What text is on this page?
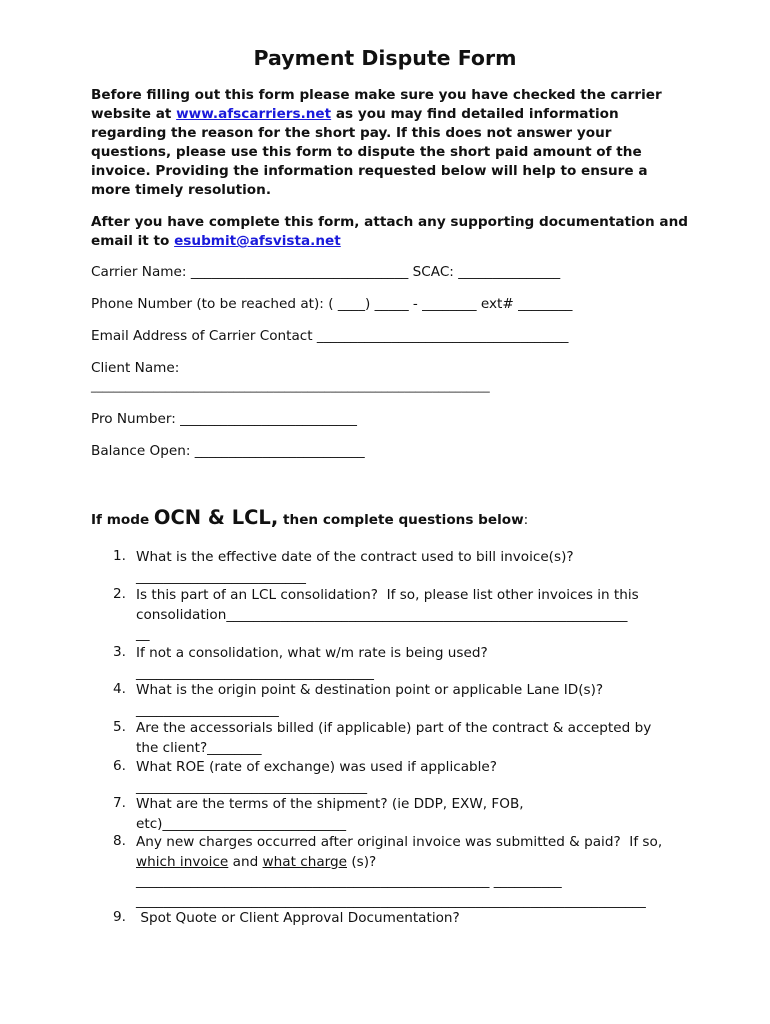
Payment Dispute Form
Before filling out this form please make sure you have checked the carrier website at www.afscarriers.net as you may find detailed information regarding the reason for the short pay. If this does not answer your questions, please use this form to dispute the short paid amount of the invoice. Providing the information requested below will help to ensure a more timely resolution.
After you have complete this form, attach any supporting documentation and email it to esubmit@afsvista.net
Carrier Name: ________________________________ SCAC: _______________
Phone Number (to be reached at): ( ____) _____ - ________ ext# ________
Email Address of Carrier Contact _____________________________________
Client Name:
______________________________________________________________________
Pro Number: __________________________
Balance Open: _________________________
If mode OCN & LCL, then complete questions below:
1. What is the effective date of the contract used to bill invoice(s)?
_________________________
2. Is this part of an LCL consolidation?  If so, please list other invoices in this
consolidation___________________________________________________________
__
3. If not a consolidation, what w/m rate is being used?
___________________________________
4. What is the origin point & destination point or applicable Lane ID(s)?
_____________________
5. Are the accessorials billed (if applicable) part of the contract & accepted by
the client?________
6. What ROE (rate of exchange) was used if applicable?
__________________________________
7. What are the terms of the shipment? (ie DDP, EXW, FOB,
etc)___________________________
8. Any new charges occurred after original invoice was submitted & paid?  If so,
which invoice and what charge (s)?
____________________________________________________ __________
___________________________________________________________________________
9. Spot Quote or Client Approval Documentation?
